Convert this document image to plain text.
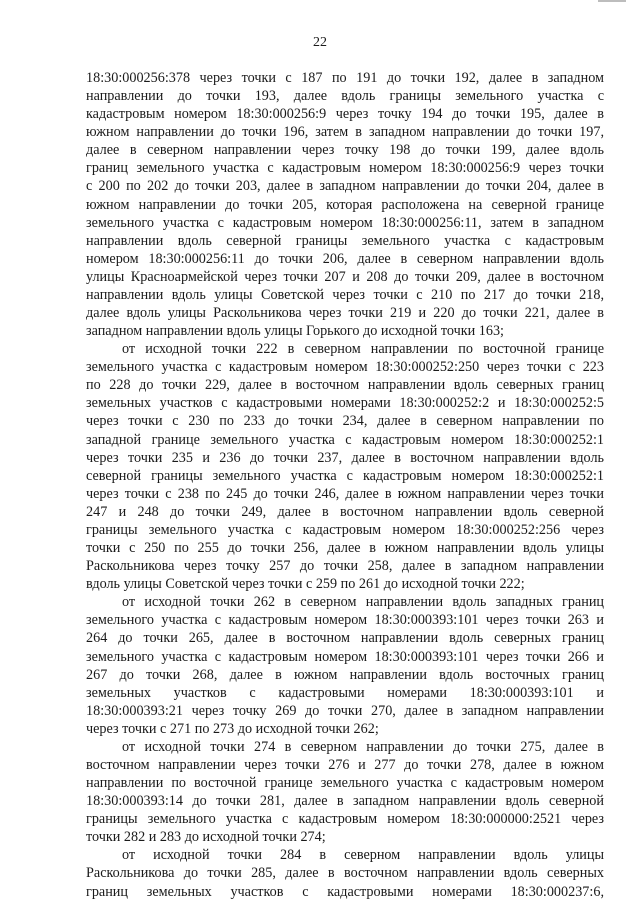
22
18:30:000256:378 через точки с 187 по 191 до точки 192, далее в западном
направлении до точки 193, далее вдоль границы земельного участка с
кадастровым номером 18:30:000256:9 через точку 194 до точки 195, далее в
южном направлении до точки 196, затем в западном направлении до точки 197,
далее в северном направлении через точку 198 до точки 199, далее вдоль
границ земельного участка с кадастровым номером 18:30:000256:9 через точки
с 200 по 202 до точки 203, далее в западном направлении до точки 204, далее в
южном направлении до точки 205, которая расположена на северной границе
земельного участка с кадастровым номером 18:30:000256:11, затем в западном
направлении вдоль северной границы земельного участка с кадастровым
номером 18:30:000256:11 до точки 206, далее в северном направлении вдоль
улицы Красноармейской через точки 207 и 208 до точки 209, далее в восточном
направлении вдоль улицы Советской через точки с 210 по 217 до точки 218,
далее вдоль улицы Раскольникова через точки 219 и 220 до точки 221, далее в
западном направлении вдоль улицы Горького до исходной точки 163;
от исходной точки 222 в северном направлении по восточной границе
земельного участка с кадастровым номером 18:30:000252:250 через точки с 223
по 228 до точки 229, далее в восточном направлении вдоль северных границ
земельных участков с кадастровыми номерами 18:30:000252:2 и 18:30:000252:5
через точки с 230 по 233 до точки 234, далее в северном направлении по
западной границе земельного участка с кадастровым номером 18:30:000252:1
через точки 235 и 236 до точки 237, далее в восточном направлении вдоль
северной границы земельного участка с кадастровым номером 18:30:000252:1
через точки с 238 по 245 до точки 246, далее в южном направлении через точки
247 и 248 до точки 249, далее в восточном направлении вдоль северной
границы земельного участка с кадастровым номером 18:30:000252:256 через
точки с 250 по 255 до точки 256, далее в южном направлении вдоль улицы
Раскольникова через точку 257 до точки 258, далее в западном направлении
вдоль улицы Советской через точки с 259 по 261 до исходной точки 222;
от исходной точки 262 в северном направлении вдоль западных границ
земельного участка с кадастровым номером 18:30:000393:101 через точки 263 и
264 до точки 265, далее в восточном направлении вдоль северных границ
земельного участка с кадастровым номером 18:30:000393:101 через точки 266 и
267 до точки 268, далее в южном направлении вдоль восточных границ
земельных участков с кадастровыми номерами 18:30:000393:101 и
18:30:000393:21 через точку 269 до точки 270, далее в западном направлении
через точки с 271 по 273 до исходной точки 262;
от исходной точки 274 в северном направлении до точки 275, далее в
восточном направлении через точки 276 и 277 до точки 278, далее в южном
направлении по восточной границе земельного участка с кадастровым номером
18:30:000393:14 до точки 281, далее в западном направлении вдоль северной
границы земельного участка с кадастровым номером 18:30:000000:2521 через
точки 282 и 283 до исходной точки 274;
от исходной точки 284 в северном направлении вдоль улицы
Раскольникова до точки 285, далее в восточном направлении вдоль северных
границ земельных участков с кадастровыми номерами 18:30:000237:6,
